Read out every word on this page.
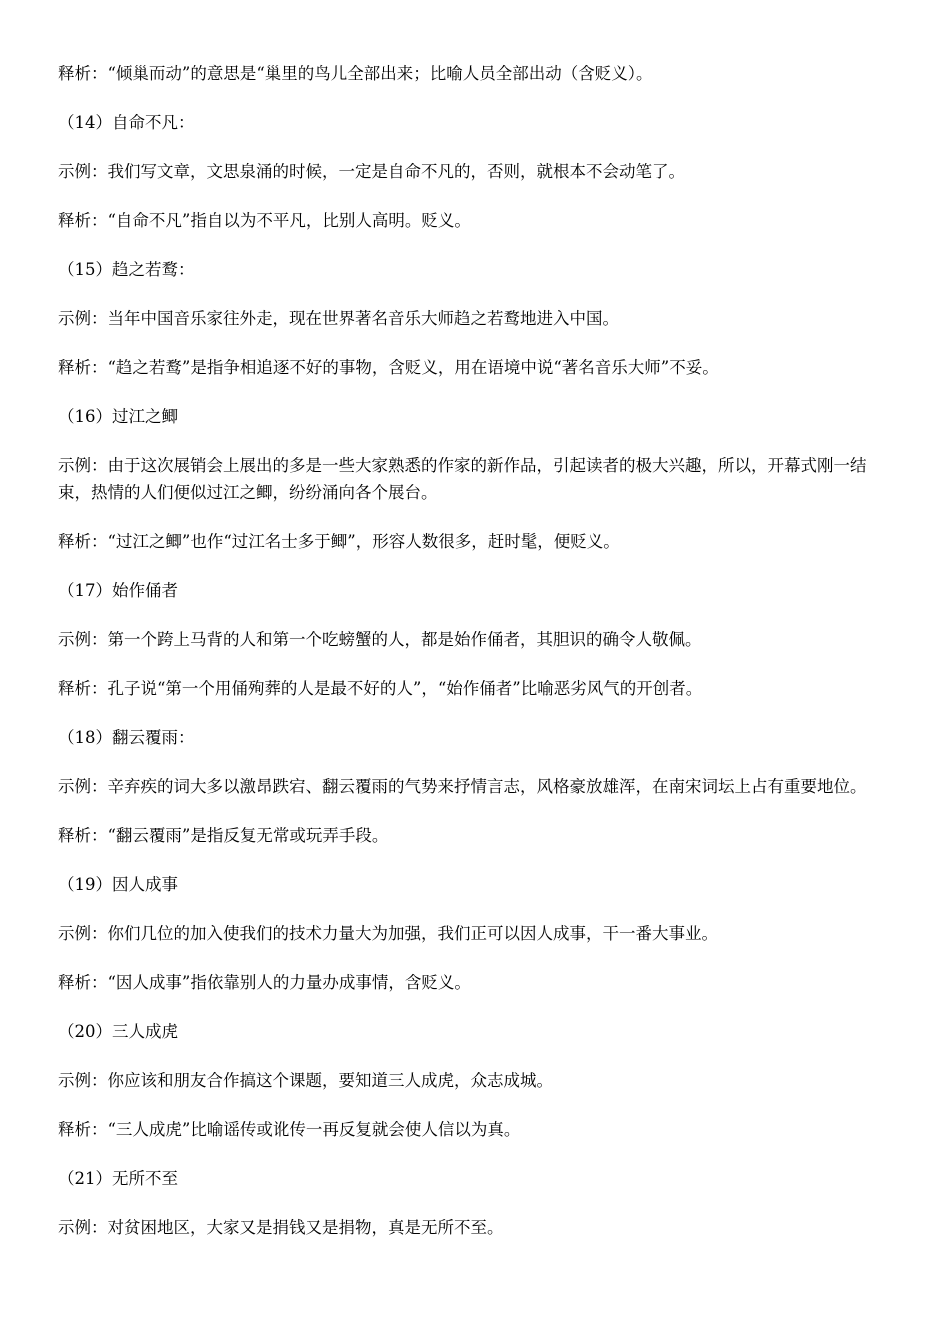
释析：“倾巢而动”的意思是“巢里的鸟儿全部出来；比喻人员全部出动（含贬义）。

（14）自命不凡：

示例：我们写文章，文思泉涌的时候，一定是自命不凡的，否则，就根本不会动笔了。

释析：“自命不凡”指自以为不平凡，比别人高明。贬义。

（15）趋之若鹜：

示例：当年中国音乐家往外走，现在世界著名音乐大师趋之若鹜地进入中国。

释析：“趋之若鹜”是指争相追逐不好的事物，含贬义，用在语境中说“著名音乐大师”不妥。

（16）过江之鲫

示例：由于这次展销会上展出的多是一些大家熟悉的作家的新作品，引起读者的极大兴趣，所以，开幕式刚一结束，热情的人们便似过江之鲫，纷纷涌向各个展台。

释析：“过江之鲫”也作“过江名士多于鲫”，形容人数很多，赶时髦，便贬义。

（17）始作俑者

示例：第一个跨上马背的人和第一个吃螃蟹的人，都是始作俑者，其胆识的确令人敬佩。

释析：孔子说“第一个用俑殉葬的人是最不好的人”，“始作俑者”比喻恶劣风气的开创者。

（18）翻云覆雨：

示例：辛弃疾的词大多以激昂跌宕、翻云覆雨的气势来抒情言志，风格豪放雄浑，在南宋词坛上占有重要地位。

释析：“翻云覆雨”是指反复无常或玩弄手段。

（19）因人成事

示例：你们几位的加入使我们的技术力量大为加强，我们正可以因人成事，干一番大事业。

释析：“因人成事”指依靠别人的力量办成事情，含贬义。

（20）三人成虎

示例：你应该和朋友合作搞这个课题，要知道三人成虎，众志成城。

释析：“三人成虎”比喻谣传或讹传一再反复就会使人信以为真。

（21）无所不至

示例：对贫困地区，大家又是捐钱又是捐物，真是无所不至。
